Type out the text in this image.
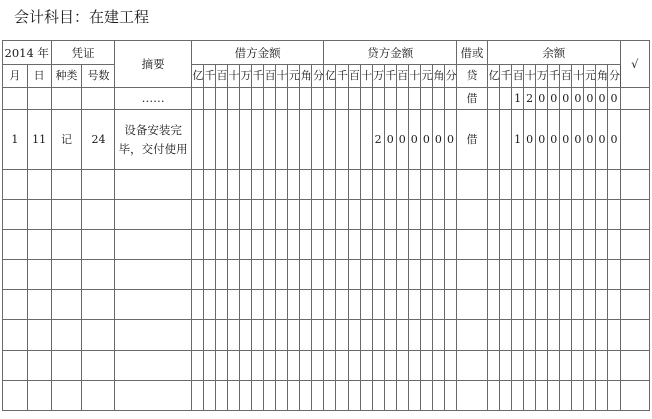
会计科目：在建工程
2014 年		凭证		摘要	借方金额											贷方金额											借或	余额											√
月	日	种类	号数		亿	千	百	十	万	千	百	十	元	角	分	亿	千	百	十	万	千	百	十	元	角	分	贷	亿	千	百	十	万	千	百	十	元	角	分	
				……																							借			1	2	0	0	0	0	0	0	0	
1	11	记	24	设备安装完毕，交付使用																2	0	0	0	0	0	0	借			1	0	0	0	0	0	0	0	0	
